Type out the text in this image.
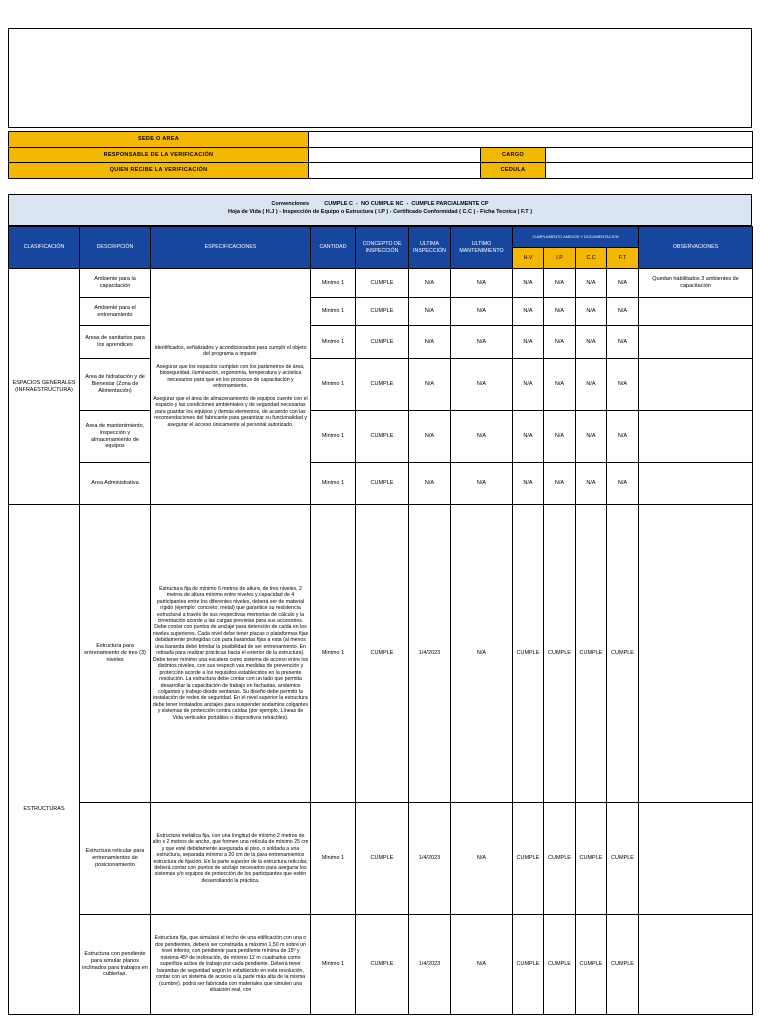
SEDE O AREA			
RESPONSABLE DE LA VERIFICACIÓN		CARGO	
QUIEN RECIBE LA VERIFICACIÓN		CEDULA	
Convenciones          CUMPLE C  -  NO CUMPLE NC  -  CUMPLE PARCIALMENTE CP
Hoja de Vida ( H.J ) - Inspección de Equipo o Estructura ( I.P ) - Certificado Conformidad ( C.C ) - Ficha Tecnica ( F.T )
CLASIFICACIÓN	DESCRIPCIÓN	ESPECIFICACIONES	CANTIDAD	CONCEPTO DE INSPECCIÓN	ULTIMA INSPECCIÓN	ULTIMO MANTENIMIENTO	CUMPLIMIENTO ANEXOS Y DOCUMENTACIÓN				OBSERVACIONES
							H.V	I.P	C.C	F.T	
ESPACIOS GENERALES (INFRAESTRUCTURA)	Ambiente para la capacitación	Identificados, señalizados y acondicionados para cumplir el objeto del programa a impartir.

Asegurar que los espacios cumplan con los parámetros de área, bioseguridad, iluminación, ergonomía, temperatura y acústica necesarios para que en los procesos de capacitación y entrenamiento.

Asegurar que el área de almacenamiento de equipos cuente con el espacio y las condiciones ambientales y de seguridad necesarias para guardar los equipos y demás elementos, de acuerdo con las recomendaciones del fabricante para garantizar su funcionalidad y asegurar el acceso únicamente al personal autorizado.	Minimo 1	CUMPLE	N/A	N/A	N/A	N/A	N/A	N/A	Quedan habilitados 3 ambientes de capacitación
	Ambiente para el entrenamiento		Minimo 1	CUMPLE	N/A	N/A	N/A	N/A	N/A	N/A	
	Areas de sanitarios para los aprendices		Minimo 1	CUMPLE	N/A	N/A	N/A	N/A	N/A	N/A	
	Area de hidratación y de Bienestar (Zona de Alimentación)		Minimo 1	CUMPLE	N/A	N/A	N/A	N/A	N/A	N/A	
	Area de mantenimiento, inspección y almacenamiento de equipos		Minimo 1	CUMPLE	N/A	N/A	N/A	N/A	N/A	N/A	
	Area Administrativa		Minimo 1	CUMPLE	N/A	N/A	N/A	N/A	N/A	N/A	
ESTRUCTURAS	Estructura para entrenamiento de tres (3) niveles	Estructura fija de mínimo 6 metros de altura, de tres niveles, 2 metros de altura mínimo entre niveles y capacidad de 4 participantes entre los diferentes niveles, deberá ser de material rígido (ejemplo: concreto, metal) que garantice su resistencia estructural a través de sus respectivas memorias de cálculo y la cimentación acorde a las cargas previstas para sus accesorios. Debe contar con puntos de anclaje para detención de caída en los niveles superiores. Cada nivel debe tener placas o plataformas fijas debidamente protegidas con para barandas fijas a esta (al menos una baranda debe brindar la posibilidad de ser entrenamiento. En retirada para realizar prácticas hacia el exterior de la estructura). Debe tener mínimo una escalera como sistema de acceso entre los distintos niveles, con sus respecti vas medidas de prevención y protección acorde a los requisitos establecidos en la presente resolución. La estructura debe contar con un lado que permita desarrollar la capacitación de trabajo en fachadas, andamios colgantes y trabajo desde ventanas. Su diseño debe permitir la instalación de redes de seguridad. En el nivel superior la estructura debe tener instalados anclajes para suspender andamios colgantes y sistemas de protección contra caídas (por ejemplo, Líneas de Vida verticales portátiles o dispositivos retráctiles).	Minimo 1	CUMPLE	1/4/2023	N/A	CUMPLE	CUMPLE	CUMPLE	CUMPLE	
	Estructura reticular para entrenamientos de posicionamiento	Estructura metálica fija, con una longitud de mínimo 2 metros de alto x 2 metros de ancho, que formen una retícula de mínimo 25 cm y que esté debidamente asegurada al piso, o soldada a una estructura, separada mínimo a 20 cm de la para entrenamientos estructura de fijación. En la parte superior de la estructura reticular, deberá contar con puntos de anclaje necesarios para asegurar los sistemas y/o equipos de protección de los participantes que estén desarrollando la práctica.	Minimo 1	CUMPLE	1/4/2023	N/A	CUMPLE	CUMPLE	CUMPLE	CUMPLE	
	Estructura con pendiente para simular planos inclinados para trabajos en cubiertas.	Estructura fija, que simulará el techo de una edificación con una o dos pendientes, deberá ser construida a máximo 1,50 m sobre un nivel inferior, con pendiente para pendiente mínima de 15º y máxima 45º de inclinación, de mínimo 12 m cuadrados como superficie activa de trabajo por cada pendiente. Deberá tener barandas de seguridad según lo establecido en esta resolución, contar con un sistema de acceso a la parte más alta de la misma (cumbre). podrá ser fabricada con materiales que simulen una situación real, con	Minimo 1	CUMPLE	1/4/2023	N/A	CUMPLE	CUMPLE	CUMPLE	CUMPLE	
